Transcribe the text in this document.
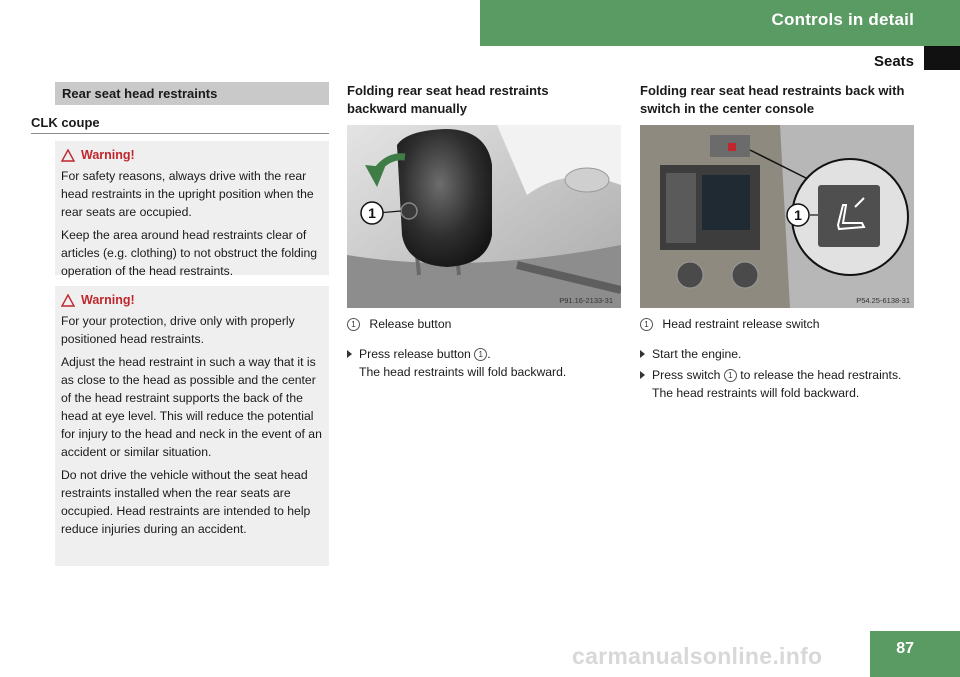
Controls in detail
Seats
Rear seat head restraints
CLK coupe
Warning!

For safety reasons, always drive with the rear head restraints in the upright position when the rear seats are occupied.

Keep the area around head restraints clear of articles (e.g. clothing) to not obstruct the folding operation of the head restraints.

Warning!

For your protection, drive only with properly positioned head restraints.

Adjust the head restraint in such a way that it is as close to the head as possible and the center of the head restraint supports the back of the head at eye level. This will reduce the potential for injury to the head and neck in the event of an accident or similar situation.

Do not drive the vehicle without the seat head restraints installed when the rear seats are occupied. Head restraints are intended to help reduce injuries during an accident.

Folding rear seat head restraints backward manually
1
P91.16-2133-31
1 Release button
Press release button 1 .
The head restraints will fold backward.
Folding rear seat head restraints back with switch in the center console
1
P54.25-6138-31
1 Head restraint release switch
Start the engine.
Press switch 1 to release the head restraints.
The head restraints will fold backward.
carmanualsonline.info	87
